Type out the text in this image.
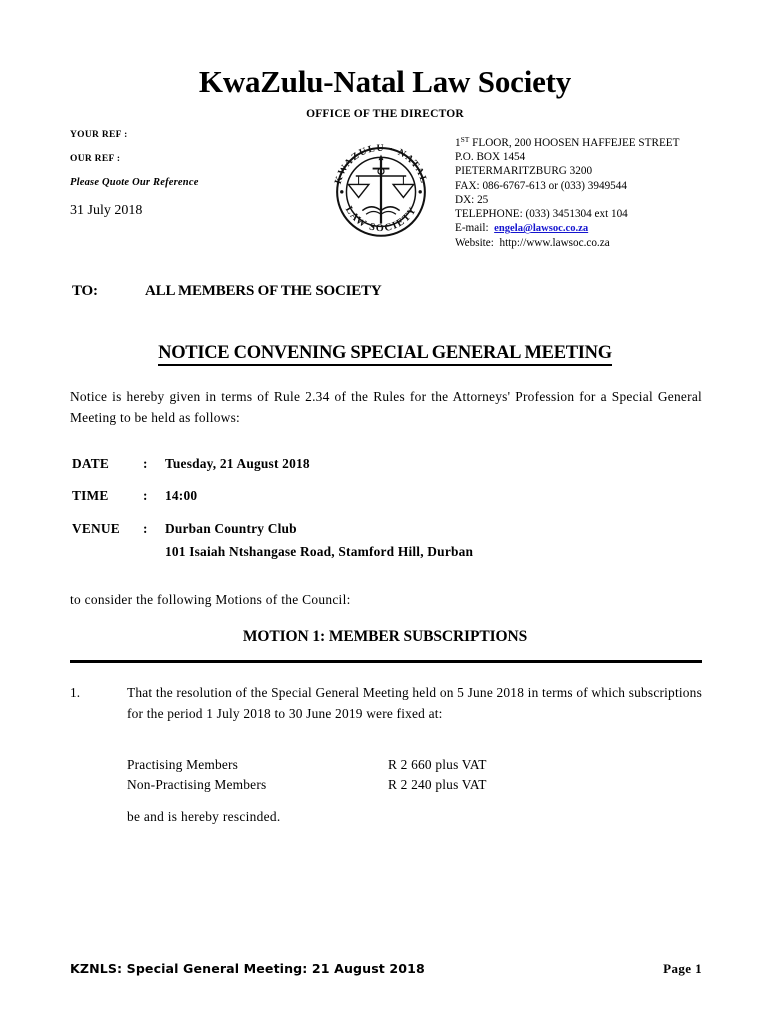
KwaZulu-Natal Law Society
OFFICE OF THE DIRECTOR
YOUR REF :
OUR REF :
Please Quote Our Reference
31 July 2018
KWAZULU · NATAL
LAW SOCIETY
1ST FLOOR, 200 HOOSEN HAFFEJEE STREET
P.O. BOX 1454
PIETERMARITZBURG 3200
FAX: 086-6767-613 or (033) 3949544
DX: 25
TELEPHONE: (033) 3451304 ext 104
E-mail: engela@lawsoc.co.za
Website: http://www.lawsoc.co.za
TO:	ALL MEMBERS OF THE SOCIETY
NOTICE CONVENING SPECIAL GENERAL MEETING
Notice is hereby given in terms of Rule 2.34 of the Rules for the Attorneys' Profession for a Special General Meeting to be held as follows:
DATE	:	Tuesday, 21 August 2018
TIME	:	14:00
VENUE	:	Durban Country Club
101 Isaiah Ntshangase Road, Stamford Hill, Durban
to consider the following Motions of the Council:
MOTION 1: MEMBER SUBSCRIPTIONS
1.	That the resolution of the Special General Meeting held on 5 June 2018 in terms of which subscriptions for the period 1 July 2018 to 30 June 2019 were fixed at:
Practising Members	R 2 660 plus VAT
Non-Practising Members	R 2 240 plus VAT
be and is hereby rescinded.
KZNLS: Special General Meeting: 21 August 2018	Page 1
